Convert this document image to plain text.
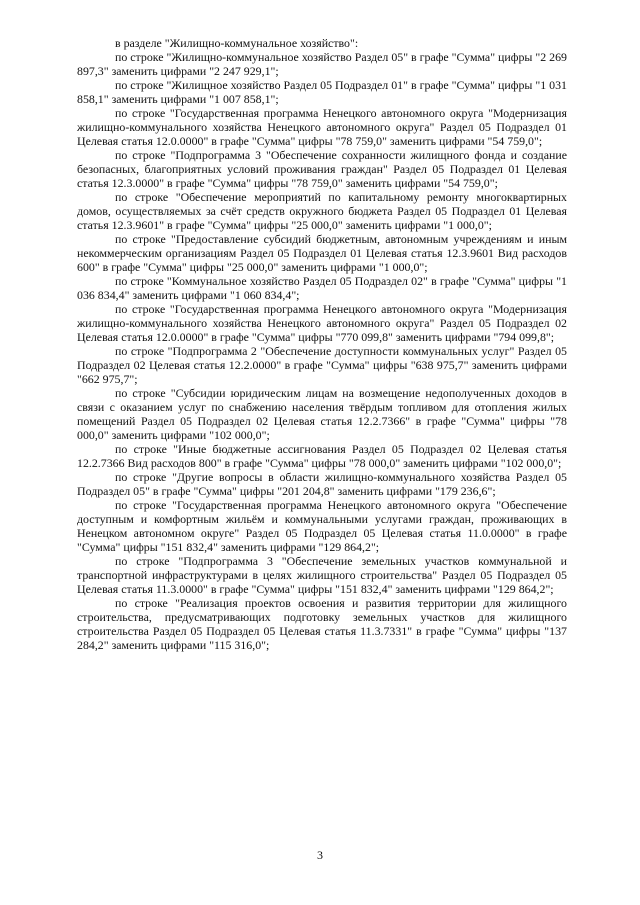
в разделе "Жилищно-коммунальное хозяйство":

по строке "Жилищно-коммунальное хозяйство Раздел 05" в графе "Сумма" цифры "2 269 897,3" заменить цифрами "2 247 929,1";

по строке "Жилищное хозяйство Раздел 05 Подраздел 01" в графе "Сумма" цифры "1 031 858,1" заменить цифрами "1 007 858,1";

по строке "Государственная программа Ненецкого автономного округа "Модернизация жилищно-коммунального хозяйства Ненецкого автономного округа" Раздел 05 Подраздел 01 Целевая статья 12.0.0000" в графе "Сумма" цифры "78 759,0" заменить цифрами "54 759,0";

по строке "Подпрограмма 3 "Обеспечение сохранности жилищного фонда и создание безопасных, благоприятных условий проживания граждан" Раздел 05 Подраздел 01 Целевая статья 12.3.0000" в графе "Сумма" цифры "78 759,0" заменить цифрами "54 759,0";

по строке "Обеспечение мероприятий по капитальному ремонту многоквартирных домов, осуществляемых за счёт средств окружного бюджета Раздел 05 Подраздел 01 Целевая статья 12.3.9601" в графе "Сумма" цифры "25 000,0" заменить цифрами "1 000,0";

по строке "Предоставление субсидий бюджетным, автономным учреждениям и иным некоммерческим организациям Раздел 05 Подраздел 01 Целевая статья 12.3.9601 Вид расходов 600" в графе "Сумма" цифры "25 000,0" заменить цифрами "1 000,0";

по строке "Коммунальное хозяйство Раздел 05 Подраздел 02" в графе "Сумма" цифры "1 036 834,4" заменить цифрами "1 060 834,4";

по строке "Государственная программа Ненецкого автономного округа "Модернизация жилищно-коммунального хозяйства Ненецкого автономного округа" Раздел 05 Подраздел 02 Целевая статья 12.0.0000" в графе "Сумма" цифры "770 099,8" заменить цифрами "794 099,8";

по строке "Подпрограмма 2 "Обеспечение доступности коммунальных услуг" Раздел 05 Подраздел 02 Целевая статья 12.2.0000" в графе "Сумма" цифры "638 975,7" заменить цифрами "662 975,7";

по строке "Субсидии юридическим лицам на возмещение недополученных доходов в связи с оказанием услуг по снабжению населения твёрдым топливом для отопления жилых помещений Раздел 05 Подраздел 02 Целевая статья 12.2.7366" в графе "Сумма" цифры "78 000,0" заменить цифрами "102 000,0";

по строке "Иные бюджетные ассигнования Раздел 05 Подраздел 02 Целевая статья 12.2.7366 Вид расходов 800" в графе "Сумма" цифры "78 000,0" заменить цифрами "102 000,0";

по строке "Другие вопросы в области жилищно-коммунального хозяйства Раздел 05 Подраздел 05" в графе "Сумма" цифры "201 204,8" заменить цифрами "179 236,6";

по строке "Государственная программа Ненецкого автономного округа "Обеспечение доступным и комфортным жильём и коммунальными услугами граждан, проживающих в Ненецком автономном округе" Раздел 05 Подраздел 05 Целевая статья 11.0.0000" в графе "Сумма" цифры "151 832,4" заменить цифрами "129 864,2";

по строке "Подпрограмма 3 "Обеспечение земельных участков коммунальной и транспортной инфраструктурами в целях жилищного строительства" Раздел 05 Подраздел 05 Целевая статья 11.3.0000" в графе "Сумма" цифры "151 832,4" заменить цифрами "129 864,2";

по строке "Реализация проектов освоения и развития территории для жилищного строительства, предусматривающих подготовку земельных участков для жилищного строительства Раздел 05 Подраздел 05 Целевая статья 11.3.7331" в графе "Сумма" цифры "137 284,2" заменить цифрами "115 316,0";

3
